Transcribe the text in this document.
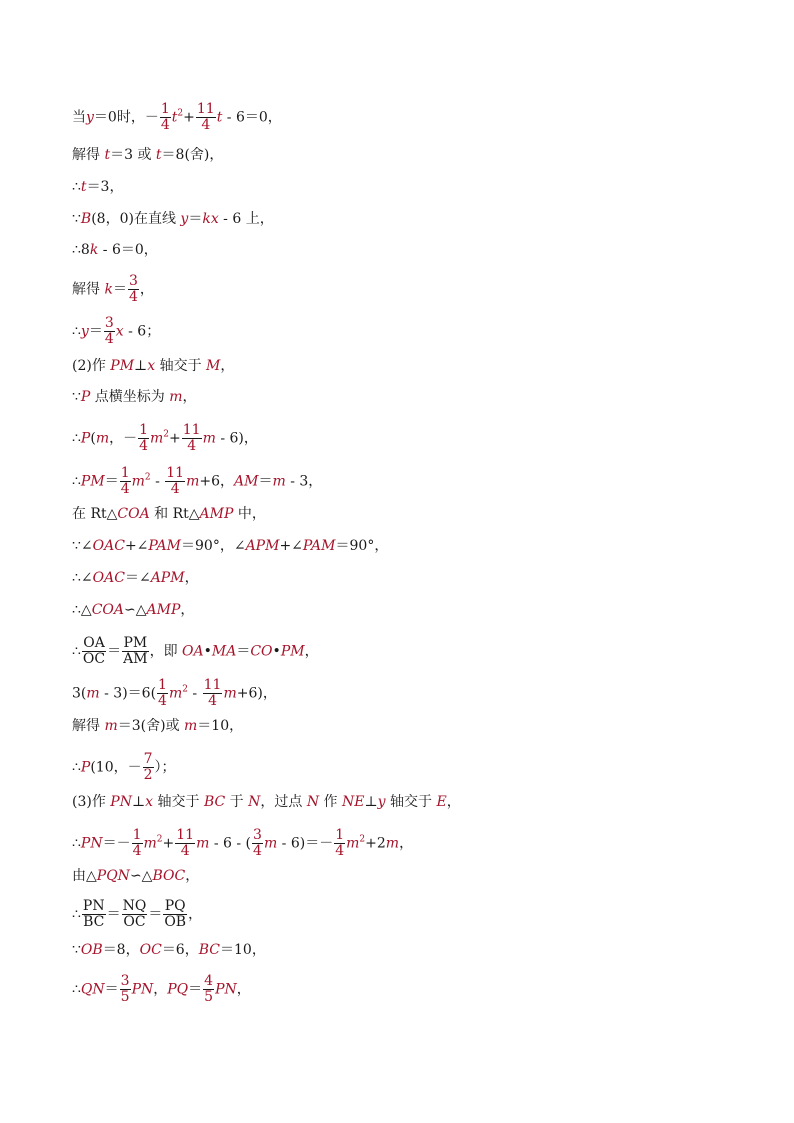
当y＝0时，－ $\frac{1}{4} t^2+ \frac{11}{4}$ t - 6＝0，
解得 t＝3 或 t＝8(舍)，
∴t＝3，
∵B(8，0)在直线 y＝kx - 6 上，
∴8k - 6＝0，
解得 $k= \frac{3}{4}$ ，
∴y＝ $\frac{3}{4}$ x - 6；
(2)作 PM⊥x 轴交于 M，
∵P 点横坐标为 m，
∴P(m，－ $\frac{1}{4} m^2+ \frac{11}{4}$ m - 6)，
∴PM＝ $\frac{1}{4} m^2 - \frac{11}{4} m+6$，AM＝m - 3，
在 Rt△COA 和 Rt△AMP 中，
∵∠OAC+∠PAM＝90°，∠APM+∠PAM＝90°，
∴∠OAC＝∠APM，
∴△COA∽△AMP，
∴ $\frac{OA}{OC} = \frac{PM}{AM}$ ，即 OA•MA＝CO•PM，
$3(m - 3)=6( \frac{1}{4} m^2 - \frac{11}{4} m+6)$，
解得 m＝3(舍)或 m＝10，
∴P(10，－ $\frac{7}{2}$ ）；
(3)作 PN⊥x 轴交于 BC 于 N，过点 N 作 NE⊥y 轴交于 E，
∴PN＝－ $\frac{1}{4} m^2+ \frac{11}{4}$ m - 6 - ( $\frac{3}{4}$ $m - 6)=- \frac{1}{4} m^2+2m$，
由△PQN∽△BOC，
∴ $\frac{PN}{BC} = \frac{NQ}{OC} = \frac{PQ}{OB}$ ，
∵OB＝8，OC＝6，BC＝10，
∴QN＝ $\frac{3}{5}$ PN，$PQ= \frac{4}{5}$ PN，
